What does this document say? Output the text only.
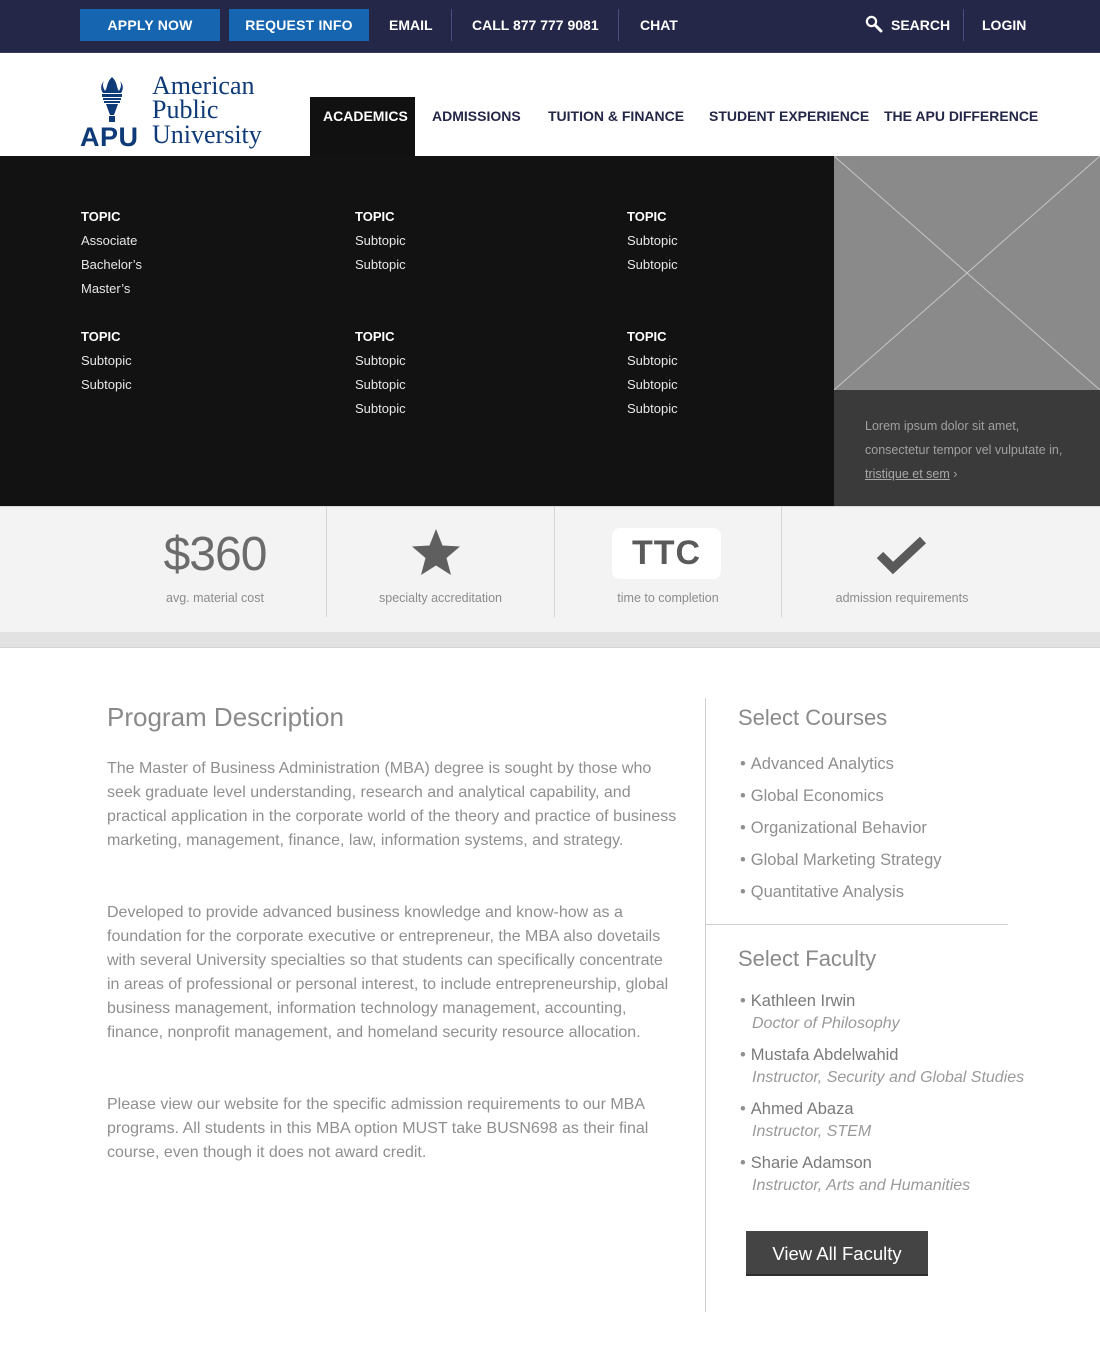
APPLY NOW	REQUEST INFO	EMAIL	CALL 877 777 9081	CHAT	SEARCH LOGIN
APU
American
Public
University
ACADEMICS	ADMISSIONS TUITION & FINANCE STUDENT EXPERIENCE THE APU DIFFERENCE
TOPIC
Associate
Bachelor’s
Master’s
TOPIC
Subtopic
Subtopic
TOPIC
Subtopic
Subtopic
TOPIC
Subtopic
Subtopic
TOPIC
Subtopic
Subtopic
Subtopic
TOPIC
Subtopic
Subtopic
Subtopic
Lorem ipsum dolor sit amet, consectetur tempor vel vulputate in, tristique et sem ›
$360
avg. material cost	specialty accreditation
TTC
time to completion	admission requirements
Program Description
The Master of Business Administration (MBA) degree is sought by those who seek graduate level understanding, research and analytical capability, and practical application in the corporate world of the theory and practice of business marketing, management, finance, law, information systems, and strategy.
Developed to provide advanced business knowledge and know-how as a foundation for the corporate executive or entrepreneur, the MBA also dovetails with several University specialties so that students can specifically concentrate in areas of professional or personal interest, to include entrepreneurship, global business management, information technology management, accounting, finance, nonprofit management, and homeland security resource allocation.
Please view our website for the specific admission requirements to our MBA programs. All students in this MBA option MUST take BUSN698 as their final course, even though it does not award credit.
Select Courses
• Advanced Analytics
• Global Economics
• Organizational Behavior
• Global Marketing Strategy
• Quantitative Analysis
Select Faculty
• Kathleen Irwin
Doctor of Philosophy
• Mustafa Abdelwahid
Instructor, Security and Global Studies
• Ahmed Abaza
Instructor, STEM
• Sharie Adamson
Instructor, Arts and Humanities
View All Faculty
